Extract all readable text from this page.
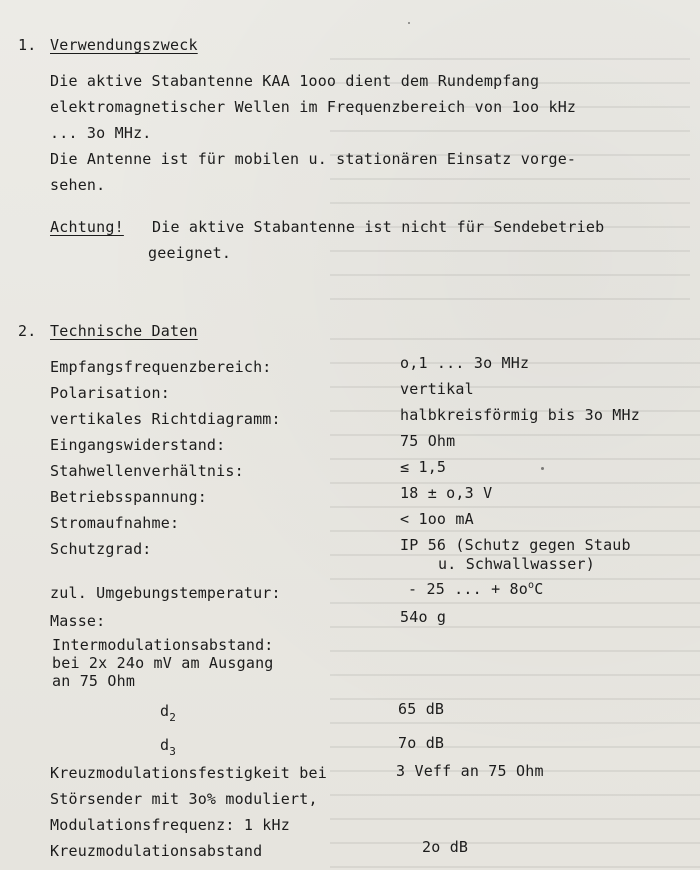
1. Verwendungszweck
Die aktive Stabantenne KAA 1ooo dient dem Rundempfang
elektromagnetischer Wellen im Frequenzbereich von 1oo kHz
... 3o MHz.
Die Antenne ist für mobilen u. stationären Einsatz vorge-
sehen.
Achtung! Die aktive Stabantenne ist nicht für Sendebetrieb
geeignet.
2. Technische Daten
Empfangsfrequenzbereich:	o,1 ... 3o MHz
Polarisation:	vertikal
vertikales Richtdiagramm:	halbkreisförmig bis 3o MHz
Eingangswiderstand:	75 Ohm
Stahwellenverhältnis:	≤ 1,5
Betriebsspannung:	18 ± o,3 V
Stromaufnahme:	< 1oo mA
Schutzgrad:	IP 56 (Schutz gegen Staub
u. Schwallwasser)
zul. Umgebungstemperatur:	- 25 ... + $8o^oC$
Masse:	54o g
Intermodulationsabstand:
bei 2x 24o mV am Ausgang
an 75 Ohm
$d_2$	65 dB
$d_3$	7o dB
Kreuzmodulationsfestigkeit bei	3 Veff an 75 Ohm
Störsender mit 3o% moduliert,
Modulationsfrequenz: 1 kHz
Kreuzmodulationsabstand	2o dB
